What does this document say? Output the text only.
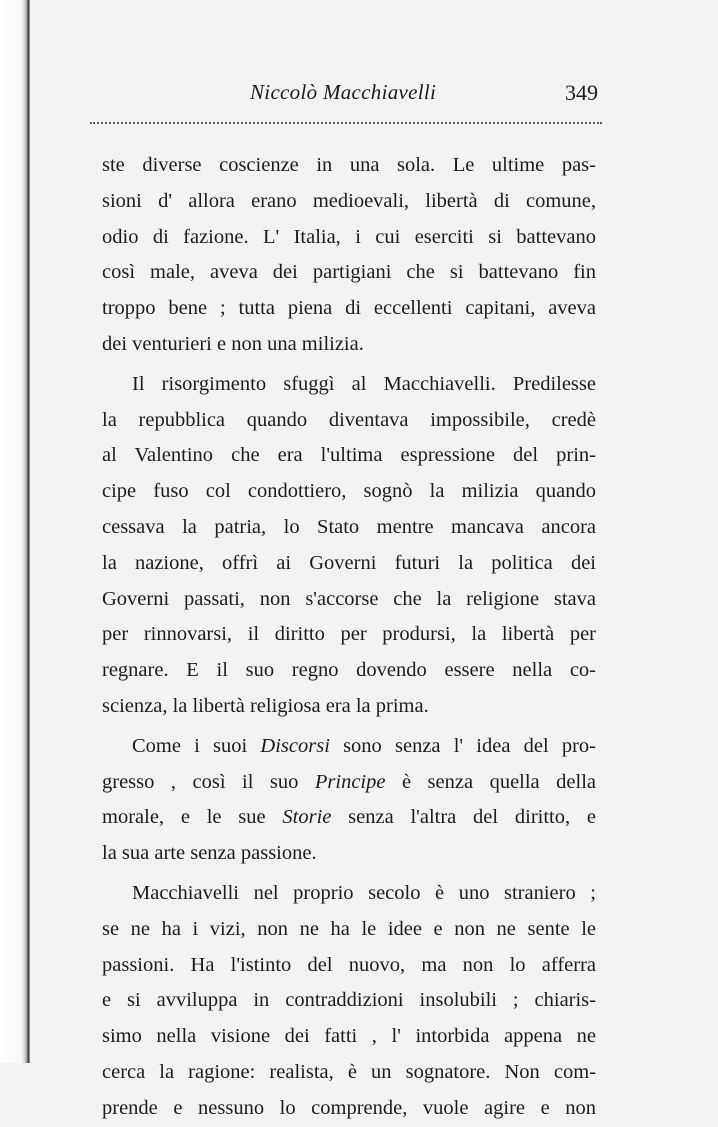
Niccolò Macchiavelli	349
ste diverse coscienze in una sola. Le ultime pas-
sioni d' allora erano medioevali, libertà di comune,
odio di fazione. L' Italia, i cui eserciti si battevano
così male, aveva dei partigiani che si battevano fin
troppo bene ; tutta piena di eccellenti capitani, aveva
dei venturieri e non una milizia.
Il risorgimento sfuggì al Macchiavelli. Predilesse
la repubblica quando diventava impossibile, credè
al Valentino che era l'ultima espressione del prin-
cipe fuso col condottiero, sognò la milizia quando
cessava la patria, lo Stato mentre mancava ancora
la nazione, offrì ai Governi futuri la politica dei
Governi passati, non s'accorse che la religione stava
per rinnovarsi, il diritto per prodursi, la libertà per
regnare. E il suo regno dovendo essere nella co-
scienza, la libertà religiosa era la prima.
Come i suoi Discorsi sono senza l' idea del pro-
gresso , così il suo Principe è senza quella della
morale, e le sue Storie senza l'altra del diritto, e
la sua arte senza passione.
Macchiavelli nel proprio secolo è uno straniero ;
se ne ha i vizi, non ne ha le idee e non ne sente le
passioni. Ha l'istinto del nuovo, ma non lo afferra
e si avviluppa in contraddizioni insolubili ; chiaris-
simo nella visione dei fatti , l' intorbida appena ne
cerca la ragione: realista, è un sognatore. Non com-
prende e nessuno lo comprende, vuole agire e non
